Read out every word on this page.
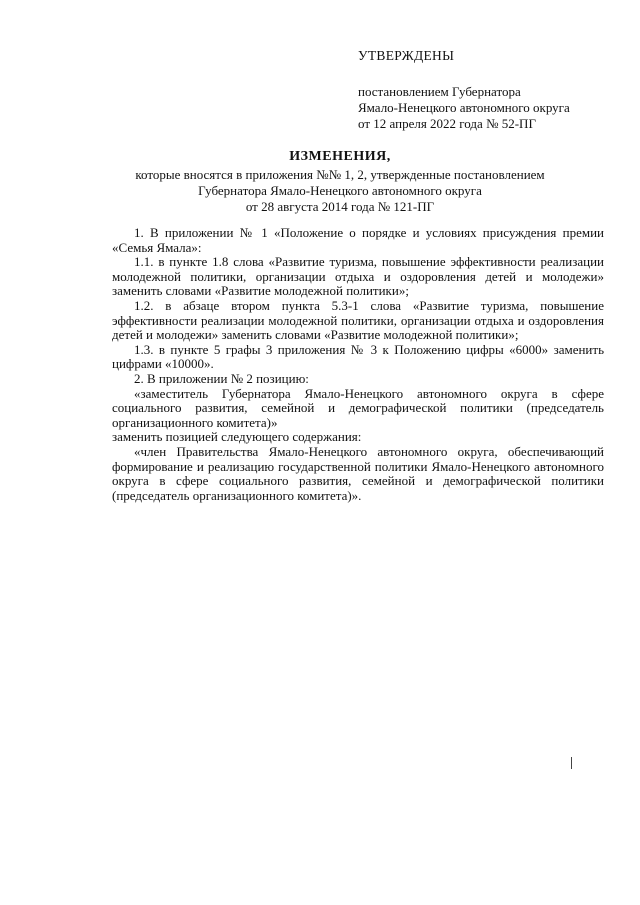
УТВЕРЖДЕНЫ
постановлением Губернатора
Ямало-Ненецкого автономного округа
от 12 апреля 2022 года № 52-ПГ
ИЗМЕНЕНИЯ,
которые вносятся в приложения №№ 1, 2, утвержденные постановлением
Губернатора Ямало-Ненецкого автономного округа
от 28 августа 2014 года № 121-ПГ

1. В приложении № 1 «Положение о порядке и условиях присуждения премии «Семья Ямала»:

1.1. в пункте 1.8 слова «Развитие туризма, повышение эффективности реализации молодежной политики, организации отдыха и оздоровления детей и молодежи» заменить словами «Развитие молодежной политики»;

1.2. в абзаце втором пункта 5.3-1 слова «Развитие туризма, повышение эффективности реализации молодежной политики, организации отдыха и оздоровления детей и молодежи» заменить словами «Развитие молодежной политики»;

1.3. в пункте 5 графы 3 приложения № 3 к Положению цифры «6000» заменить цифрами «10000».

2. В приложении № 2 позицию:

«заместитель Губернатора Ямало-Ненецкого автономного округа в сфере социального развития, семейной и демографической политики (председатель организационного комитета)»

заменить позицией следующего содержания:

«член Правительства Ямало-Ненецкого автономного округа, обеспечивающий формирование и реализацию государственной политики Ямало-Ненецкого автономного округа в сфере социального развития, семейной и демографической политики (председатель организационного комитета)».
